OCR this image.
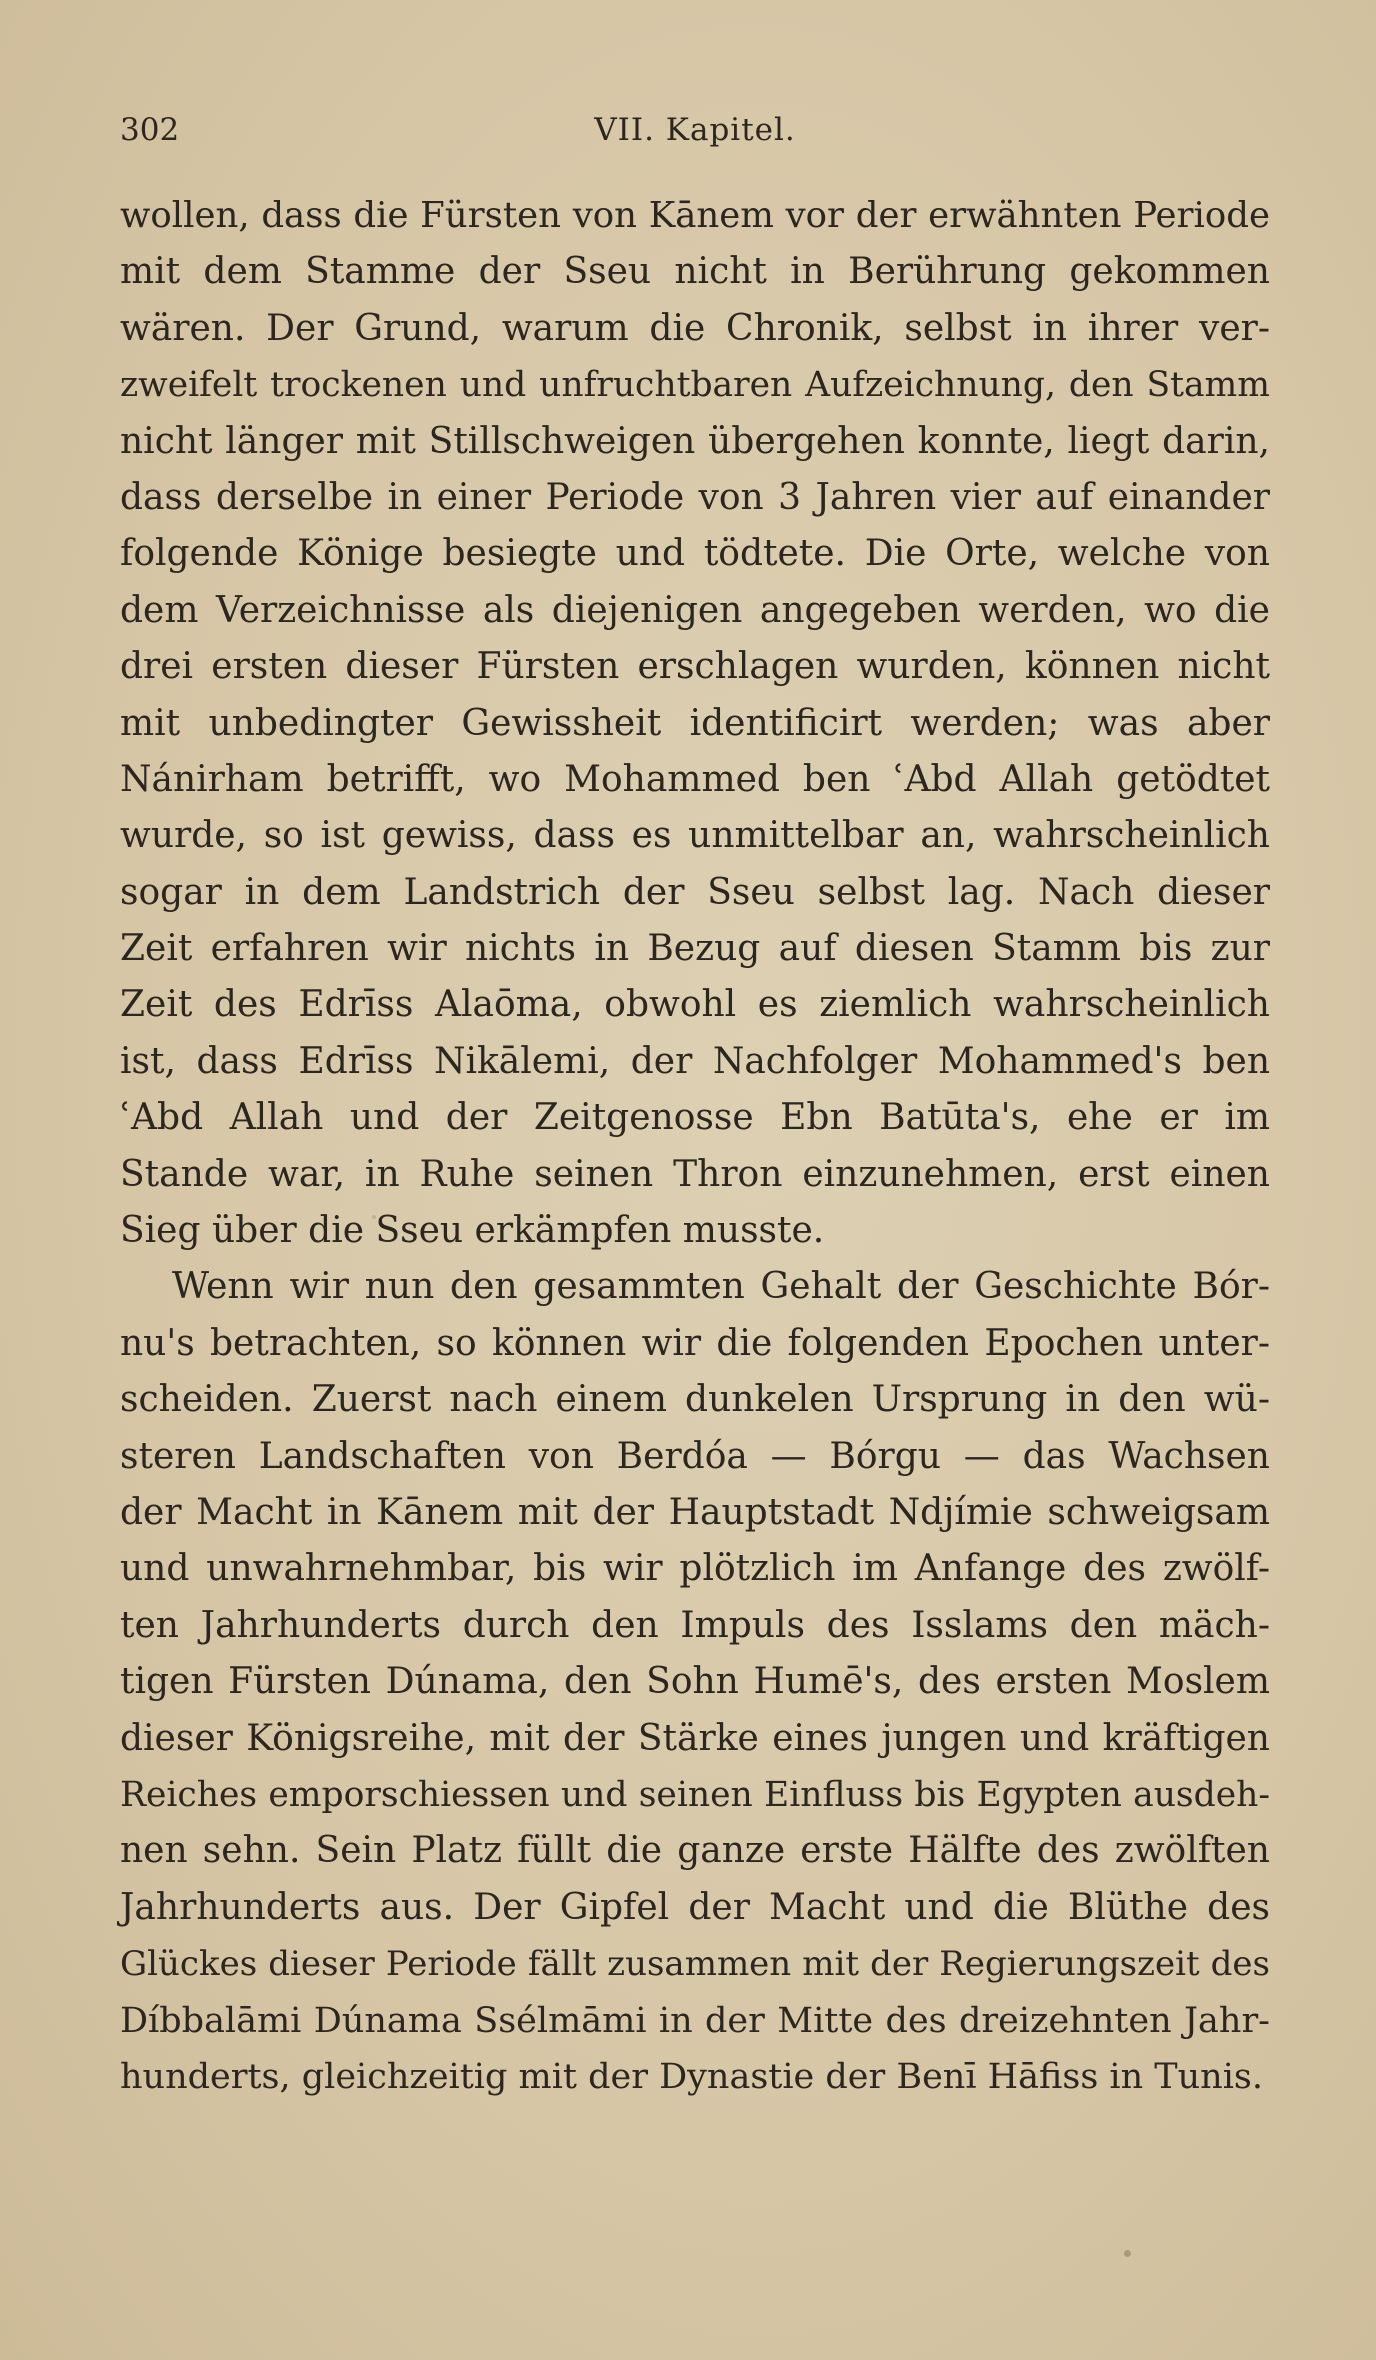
302	VII. Kapitel.
wollen, dass die Fürsten von Kānem vor der erwähnten Periode
mit dem Stamme der Sseu nicht in Berührung gekommen
wären. Der Grund, warum die Chronik, selbst in ihrer ver-
zweifelt trockenen und unfruchtbaren Aufzeichnung, den Stamm
nicht länger mit Stillschweigen übergehen konnte, liegt darin,
dass derselbe in einer Periode von 3 Jahren vier auf einander
folgende Könige besiegte und tödtete. Die Orte, welche von
dem Verzeichnisse als diejenigen angegeben werden, wo die
drei ersten dieser Fürsten erschlagen wurden, können nicht
mit unbedingter Gewissheit identificirt werden; was aber
Nánirham betrifft, wo Mohammed ben ʿAbd Allah getödtet
wurde, so ist gewiss, dass es unmittelbar an, wahrscheinlich
sogar in dem Landstrich der Sseu selbst lag. Nach dieser
Zeit erfahren wir nichts in Bezug auf diesen Stamm bis zur
Zeit des Edrīss Alaōma, obwohl es ziemlich wahrscheinlich
ist, dass Edrīss Nikālemi, der Nachfolger Mohammed's ben
ʿAbd Allah und der Zeitgenosse Ebn Batūta's, ehe er im
Stande war, in Ruhe seinen Thron einzunehmen, erst einen
Sieg über die Sseu erkämpfen musste.
Wenn wir nun den gesammten Gehalt der Geschichte Bór-
nu's betrachten, so können wir die folgenden Epochen unter-
scheiden. Zuerst nach einem dunkelen Ursprung in den wü-
steren Landschaften von Berdóa — Bórgu — das Wachsen
der Macht in Kānem mit der Hauptstadt Ndjímie schweigsam
und unwahrnehmbar, bis wir plötzlich im Anfange des zwölf-
ten Jahrhunderts durch den Impuls des Isslams den mäch-
tigen Fürsten Dúnama, den Sohn Humē's, des ersten Moslem
dieser Königsreihe, mit der Stärke eines jungen und kräftigen
Reiches emporschiessen und seinen Einfluss bis Egypten ausdeh-
nen sehn. Sein Platz füllt die ganze erste Hälfte des zwölften
Jahrhunderts aus. Der Gipfel der Macht und die Blüthe des
Glückes dieser Periode fällt zusammen mit der Regierungszeit des
Díbbalāmi Dúnama Ssélmāmi in der Mitte des dreizehnten Jahr-
hunderts, gleichzeitig mit der Dynastie der Benī Hāfiss in Tunis.
